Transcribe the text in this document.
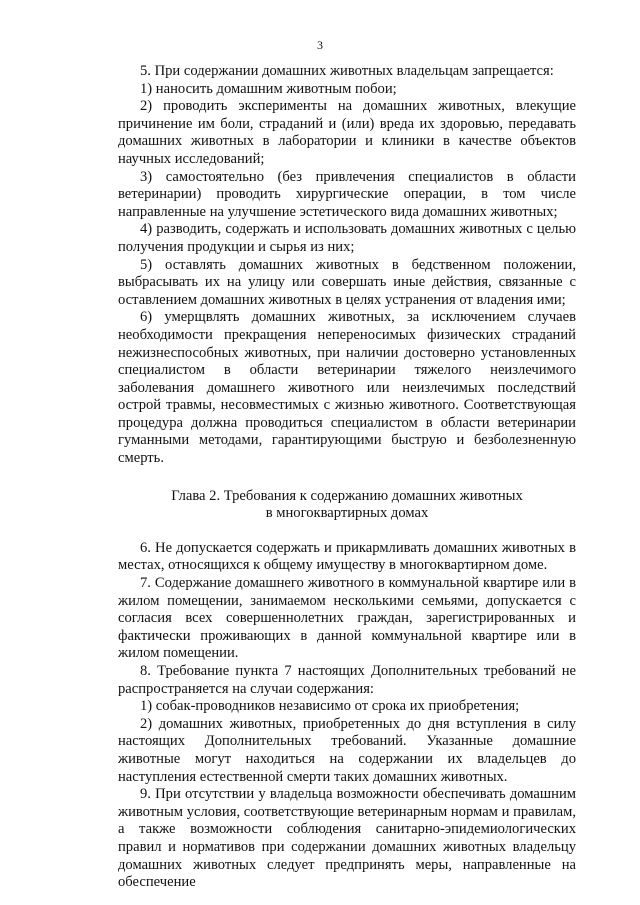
3

5. При содержании домашних животных владельцам запрещается:

1) наносить домашним животным побои;

2) проводить эксперименты на домашних животных, влекущие причинение им боли, страданий и (или) вреда их здоровью, передавать домашних животных в лаборатории и клиники в качестве объектов научных исследований;

3) самостоятельно (без привлечения специалистов в области ветеринарии) проводить хирургические операции, в том числе направленные на улучшение эстетического вида домашних животных;

4) разводить, содержать и использовать домашних животных с целью получения продукции и сырья из них;

5) оставлять домашних животных в бедственном положении, выбрасывать их на улицу или совершать иные действия, связанные с оставлением домашних животных в целях устранения от владения ими;

6) умерщвлять домашних животных, за исключением случаев необходимости прекращения непереносимых физических страданий нежизнеспособных животных, при наличии достоверно установленных специалистом в области ветеринарии тяжелого неизлечимого заболевания домашнего животного или неизлечимых последствий острой травмы, несовместимых с жизнью животного. Соответствующая процедура должна проводиться специалистом в области ветеринарии гуманными методами, гарантирующими быструю и безболезненную смерть.

Глава 2. Требования к содержанию домашних животных
в многоквартирных домах

6. Не допускается содержать и прикармливать домашних животных в местах, относящихся к общему имуществу в многоквартирном доме.

7. Содержание домашнего животного в коммунальной квартире или в жилом помещении, занимаемом несколькими семьями, допускается с согласия всех совершеннолетних граждан, зарегистрированных и фактически проживающих в данной коммунальной квартире или в жилом помещении.

8. Требование пункта 7 настоящих Дополнительных требований не распространяется на случаи содержания:

1) собак-проводников независимо от срока их приобретения;

2) домашних животных, приобретенных до дня вступления в силу настоящих Дополнительных требований. Указанные домашние животные могут находиться на содержании их владельцев до наступления естественной смерти таких домашних животных.

9. При отсутствии у владельца возможности обеспечивать домашним животным условия, соответствующие ветеринарным нормам и правилам, а также возможности соблюдения санитарно-эпидемиологических правил и нормативов при содержании домашних животных владельцу домашних животных следует предпринять меры, направленные на обеспечение
